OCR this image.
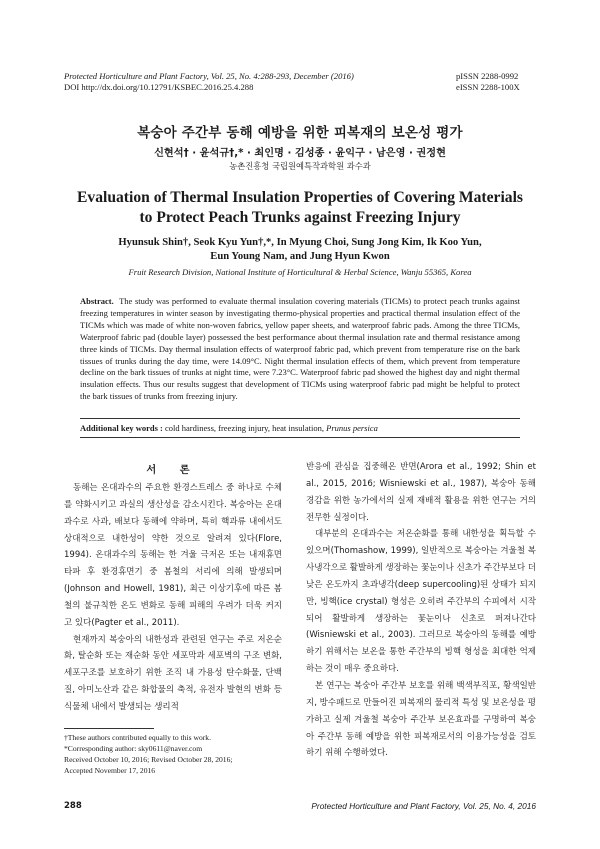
Protected Horticulture and Plant Factory, Vol. 25, No. 4:288-293, December (2016)
DOI http://dx.doi.org/10.12791/KSBEC.2016.25.4.288
pISSN 2288-0992
eISSN 2288-100X
복숭아 주간부 동해 예방을 위한 피복재의 보온성 평가
신현석† · 윤석규†,* · 최인명 · 김성종 · 윤익구 · 남은영 · 권정현
농촌진흥청 국립원예특작과학원 과수과
Evaluation of Thermal Insulation Properties of Covering Materials
to Protect Peach Trunks against Freezing Injury
Hyunsuk Shin†, Seok Kyu Yun†,*, In Myung Choi, Sung Jong Kim, Ik Koo Yun,
Eun Young Nam, and Jung Hyun Kwon
Fruit Research Division, National Institute of Horticultural & Herbal Science, Wanju 55365, Korea
Abstract. The study was performed to evaluate thermal insulation covering materials (TICMs) to protect peach trunks against freezing temperatures in winter season by investigating thermo-physical properties and practical thermal insulation effect of the TICMs which was made of white non-woven fabrics, yellow paper sheets, and waterproof fabric pads. Among the three TICMs, Waterproof fabric pad (double layer) possessed the best performance about thermal insulation rate and thermal resistance among three kinds of TICMs. Day thermal insulation effects of waterproof fabric pad, which prevent from temperature rise on the bark tissues of trunks during the day time, were 14.09°C. Night thermal insulation effects of them, which prevent from temperature decline on the bark tissues of trunks at night time, were 7.23°C. Waterproof fabric pad showed the highest day and night thermal insulation effects. Thus our results suggest that development of TICMs using waterproof fabric pad might be helpful to protect the bark tissues of trunks from freezing injury.
Additional key words : cold hardiness, freezing injury, heat insulation, Prunus persica
서 론

동해는 온대과수의 주요한 환경스트레스 중 하나로 수체를 약화시키고 과실의 생산성을 감소시킨다. 복숭아는 온대과수로 사과, 배보다 동해에 약하며, 특히 핵과류 내에서도 상대적으로 내한성이 약한 것으로 알려져 있다(Flore, 1994). 온대과수의 동해는 한 겨울 극저온 또는 내재휴면타파 후 환경휴면기 중 봄철의 서리에 의해 발생되며(Johnson and Howell, 1981), 최근 이상기후에 따른 봄철의 불규칙한 온도 변화로 동해 피해의 우려가 더욱 커지고 있다(Pagter et al., 2011).

현재까지 복숭아의 내한성과 관련된 연구는 주로 저온순화, 탈순화 또는 재순화 동안 세포막과 세포벽의 구조 변화, 세포구조를 보호하기 위한 조직 내 가용성 탄수화물, 단백질, 아미노산과 같은 화합물의 축적, 유전자 발현의 변화 등 식물체 내에서 발생되는 생리적

반응에 관심을 집중해온 반면(Arora et al., 1992; Shin et al., 2015, 2016; Wisniewski et al., 1987), 복숭아 동해 경감을 위한 농가에서의 실제 재배적 활용을 위한 연구는 거의 전무한 실정이다.

대부분의 온대과수는 저온순화를 통해 내한성을 획득할 수 있으며(Thomashow, 1999), 일반적으로 복숭아는 겨울철 복사냉각으로 활발하게 생장하는 꽃눈이나 신초가 주간부보다 더 낮은 온도까지 초과냉각(deep supercooling)된 상태가 되지만, 빙핵(ice crystal) 형성은 오히려 주간부의 수피에서 시작되어 활발하게 생장하는 꽃눈이나 신초로 퍼져나간다(Wisniewski et al., 2003). 그러므로 복숭아의 동해를 예방하기 위해서는 보온을 통한 주간부의 빙핵 형성을 최대한 억제하는 것이 매우 중요하다.

본 연구는 복숭아 주간부 보호를 위해 백색부직포, 황색일반지, 방수패드로 만들어진 피복재의 물리적 특성 및 보온성을 평가하고 실제 겨울철 복숭아 주간부 보온효과를 구명하여 복숭아 주간부 동해 예방을 위한 피복재로서의 이용가능성을 검토하기 위해 수행하였다.

†These authors contributed equally to this work.
*Corresponding author: sky0611@naver.com
Received October 10, 2016; Revised October 28, 2016;
Accepted November 17, 2016
288	Protected Horticulture and Plant Factory, Vol. 25, No. 4, 2016
